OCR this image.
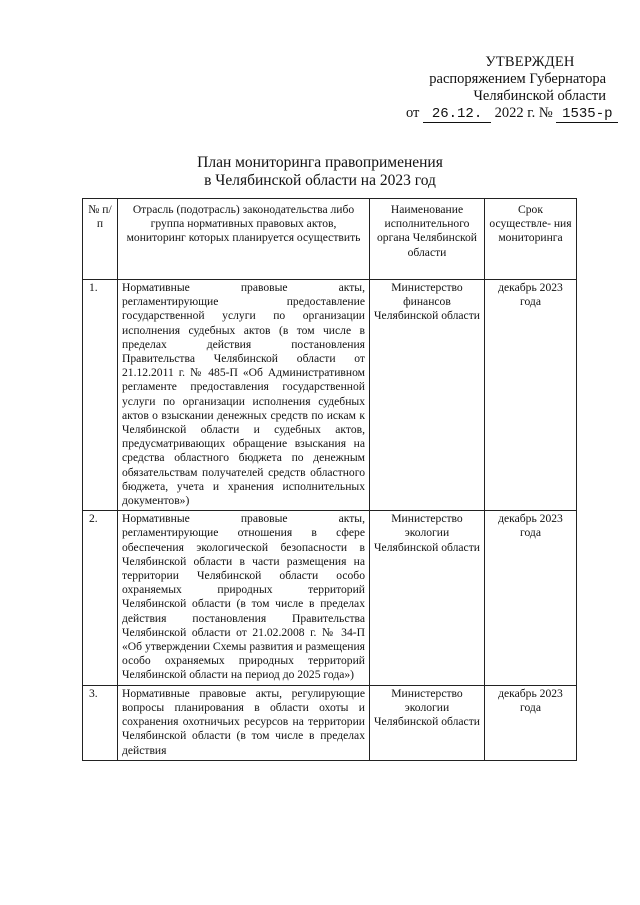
УТВЕРЖДЕН
распоряжением Губернатора
Челябинской области
от 26.12. 2022 г. № 1535-р
План мониторинга правоприменения
в Челябинской области на 2023 год
№ п/п	Отрасль (подотрасль) законодательства либо группа нормативных правовых актов, мониторинг которых планируется осуществить	Наименование исполнительного органа Челябинской области	Срок осуществле- ния мониторинга
1.	Нормативные правовые акты, регламентирующие предоставление государственной услуги по организации исполнения судебных актов (в том числе в пределах действия постановления Правительства Челябинской области от 21.12.2011 г. № 485-П «Об Административном регламенте предоставления государственной услуги по организации исполнения судебных актов о взыскании денежных средств по искам к Челябинской области и судебных актов, предусматривающих обращение взыскания на средства областного бюджета по денежным обязательствам получателей средств областного бюджета, учета и хранения исполнительных документов»)	Министерство финансов Челябинской области	декабрь 2023 года
2.	Нормативные правовые акты, регламентирующие отношения в сфере обеспечения экологической безопасности в Челябинской области в части размещения на территории Челябинской области особо охраняемых природных территорий Челябинской области (в том числе в пределах действия постановления Правительства Челябинской области от 21.02.2008 г. № 34-П «Об утверждении Схемы развития и размещения особо охраняемых природных территорий Челябинской области на период до 2025 года»)	Министерство экологии Челябинской области	декабрь 2023 года
3.	Нормативные правовые акты, регулирующие вопросы планирования в области охоты и сохранения охотничьих ресурсов на территории Челябинской области (в том числе в пределах действия	Министерство экологии Челябинской области	декабрь 2023 года
